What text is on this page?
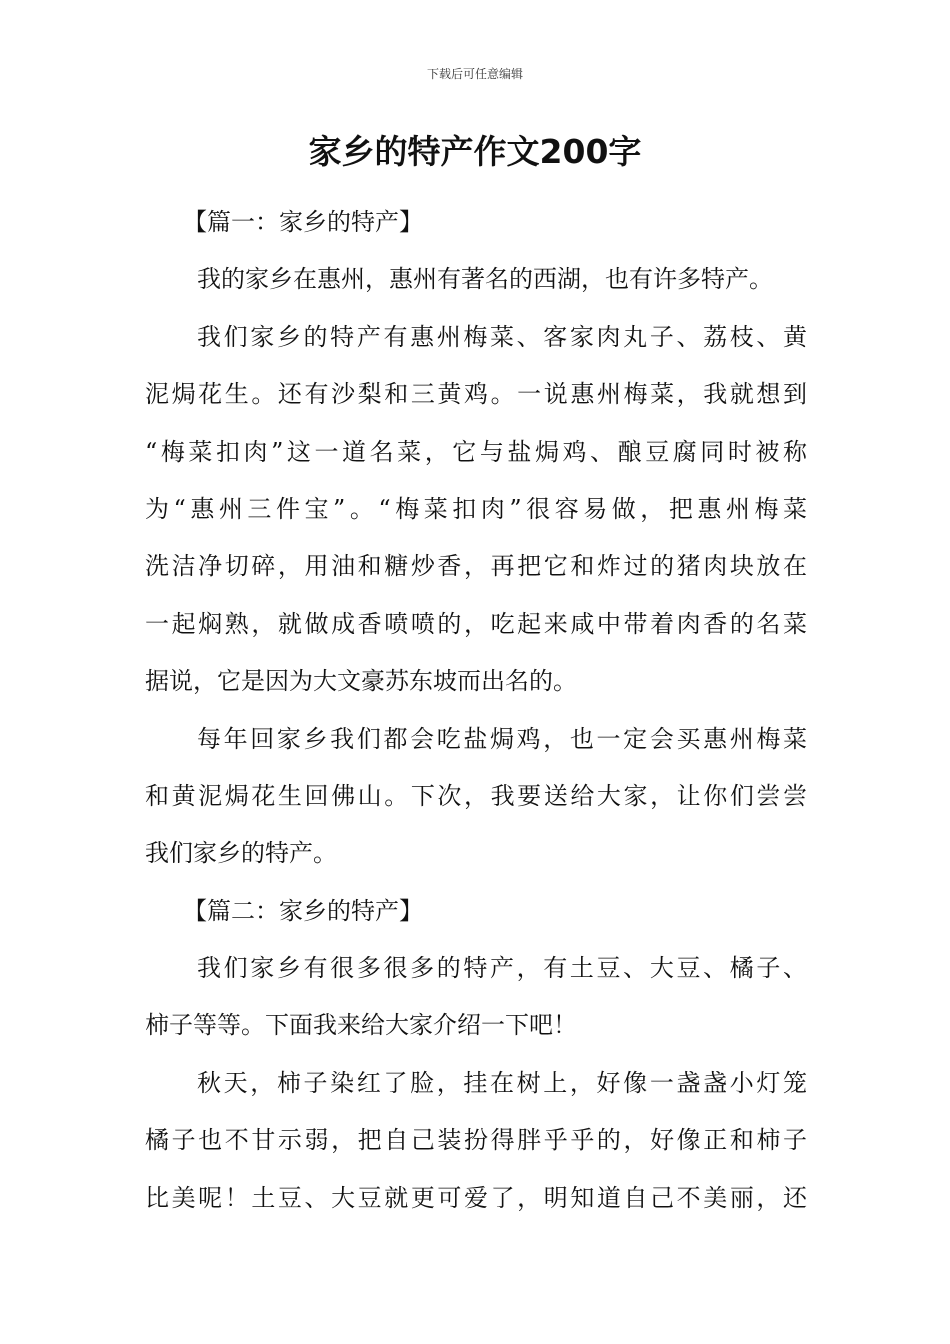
下载后可任意编辑
家乡的特产作文200字
【篇一：家乡的特产】
我的家乡在惠州，惠州有著名的西湖，也有许多特产。
我们家乡的特产有惠州梅菜、客家肉丸子、荔枝、黄
泥焗花生。还有沙梨和三黄鸡。一说惠州梅菜，我就想到
“梅菜扣肉”这一道名菜，它与盐焗鸡、酿豆腐同时被称
为“惠州三件宝”。“梅菜扣肉”很容易做，把惠州梅菜
洗洁净切碎，用油和糖炒香，再把它和炸过的猪肉块放在
一起焖熟，就做成香喷喷的，吃起来咸中带着肉香的名菜
据说，它是因为大文豪苏东坡而出名的。
每年回家乡我们都会吃盐焗鸡，也一定会买惠州梅菜
和黄泥焗花生回佛山。下次，我要送给大家，让你们尝尝
我们家乡的特产。
【篇二：家乡的特产】
我们家乡有很多很多的特产，有土豆、大豆、橘子、
柿子等等。下面我来给大家介绍一下吧！
秋天，柿子染红了脸，挂在树上，好像一盏盏小灯笼
橘子也不甘示弱，把自己装扮得胖乎乎的，好像正和柿子
比美呢！土豆、大豆就更可爱了，明知道自己不美丽，还
